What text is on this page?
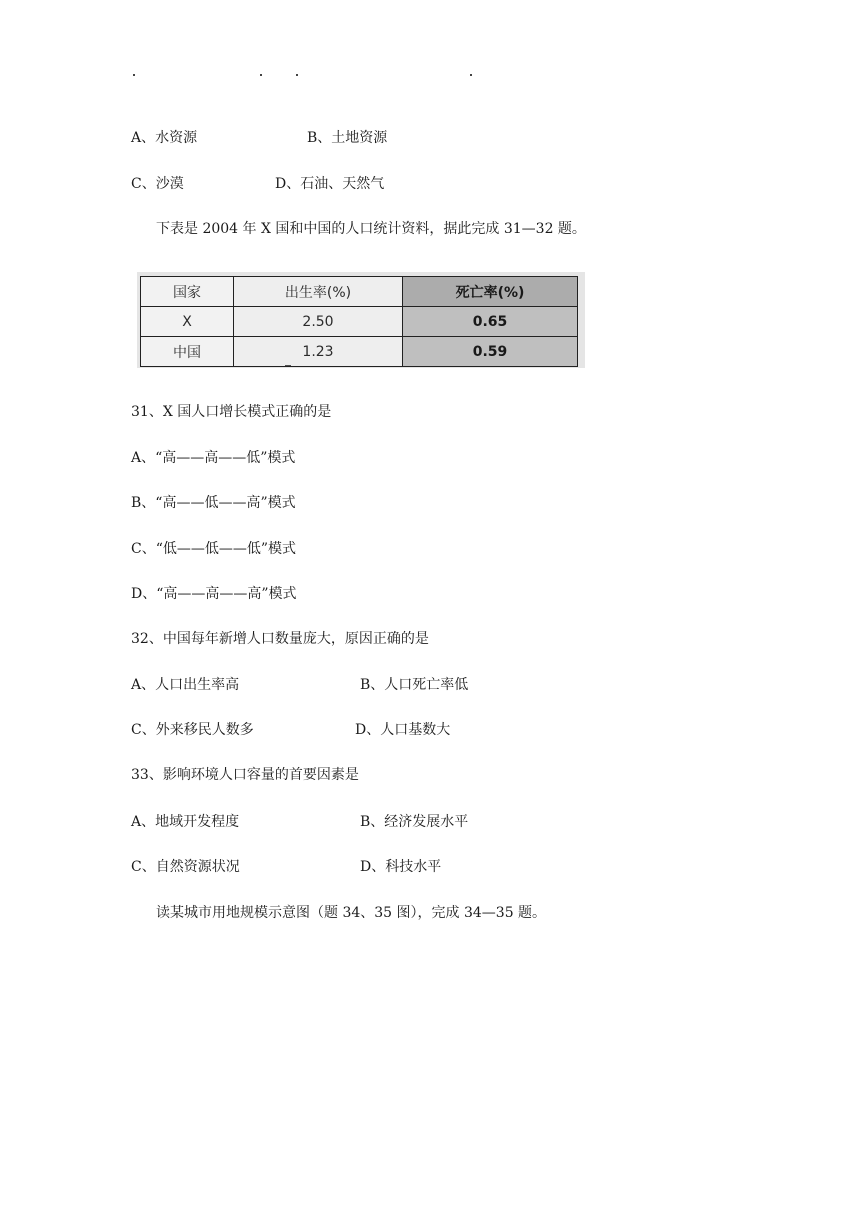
A、水资源	B、土地资源
C、沙漠	D、石油、天然气
下表是 2004 年 X 国和中国的人口统计资料，据此完成 31—32 题。
国家	出生率(%)	死亡率(%)
X	2.50	0.65
中国	1.23	0.59
31、X 国人口增长模式正确的是
A、“高——高——低”模式
B、“高——低——高”模式
C、“低——低——低”模式
D、“高——高——高”模式
32、中国每年新增人口数量庞大，原因正确的是
A、人口出生率高	B、人口死亡率低
C、外来移民人数多	D、人口基数大
33、影响环境人口容量的首要因素是
A、地域开发程度	B、经济发展水平
C、自然资源状况	D、科技水平
读某城市用地规模示意图（题 34、35 图），完成 34—35 题。
